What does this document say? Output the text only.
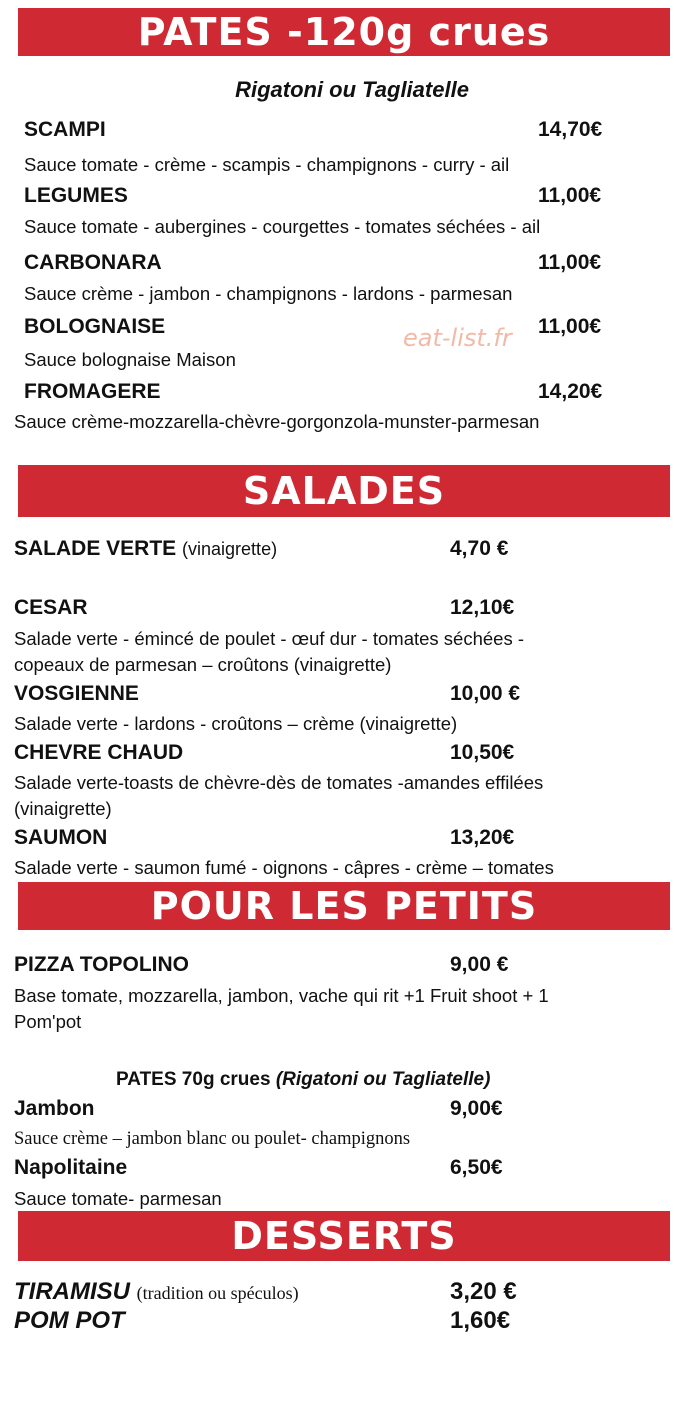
PATES -120g crues
Rigatoni ou Tagliatelle
SCAMPI	14,70€
Sauce tomate - crème - scampis - champignons - curry - ail
LEGUMES	11,00€
Sauce tomate - aubergines - courgettes - tomates séchées - ail
CARBONARA	11,00€
Sauce crème - jambon - champignons - lardons - parmesan
BOLOGNAISE	11,00€
Sauce bolognaise Maison
eat-list.fr
FROMAGERE	14,20€
Sauce crème-mozzarella-chèvre-gorgonzola-munster-parmesan
SALADES
SALADE VERTE (vinaigrette)	4,70 €
CESAR	12,10€
Salade verte - émincé de poulet - œuf dur - tomates séchées -
copeaux de parmesan – croûtons (vinaigrette)
VOSGIENNE	10,00 €
Salade verte - lardons - croûtons – crème (vinaigrette)
CHEVRE CHAUD	10,50€
Salade verte-toasts de chèvre-dès de tomates -amandes effilées
(vinaigrette)
SAUMON	13,20€
Salade verte - saumon fumé - oignons - câpres - crème – tomates
POUR LES PETITS
PIZZA TOPOLINO	9,00 €
Base tomate, mozzarella, jambon, vache qui rit +1 Fruit shoot + 1
Pom'pot
PATES 70g crues (Rigatoni ou Tagliatelle)
Jambon	9,00€
Sauce crème – jambon blanc ou poulet- champignons
Napolitaine	6,50€
Sauce tomate- parmesan
DESSERTS
TIRAMISU (tradition ou spéculos)	3,20 €
POM POT	1,60€
